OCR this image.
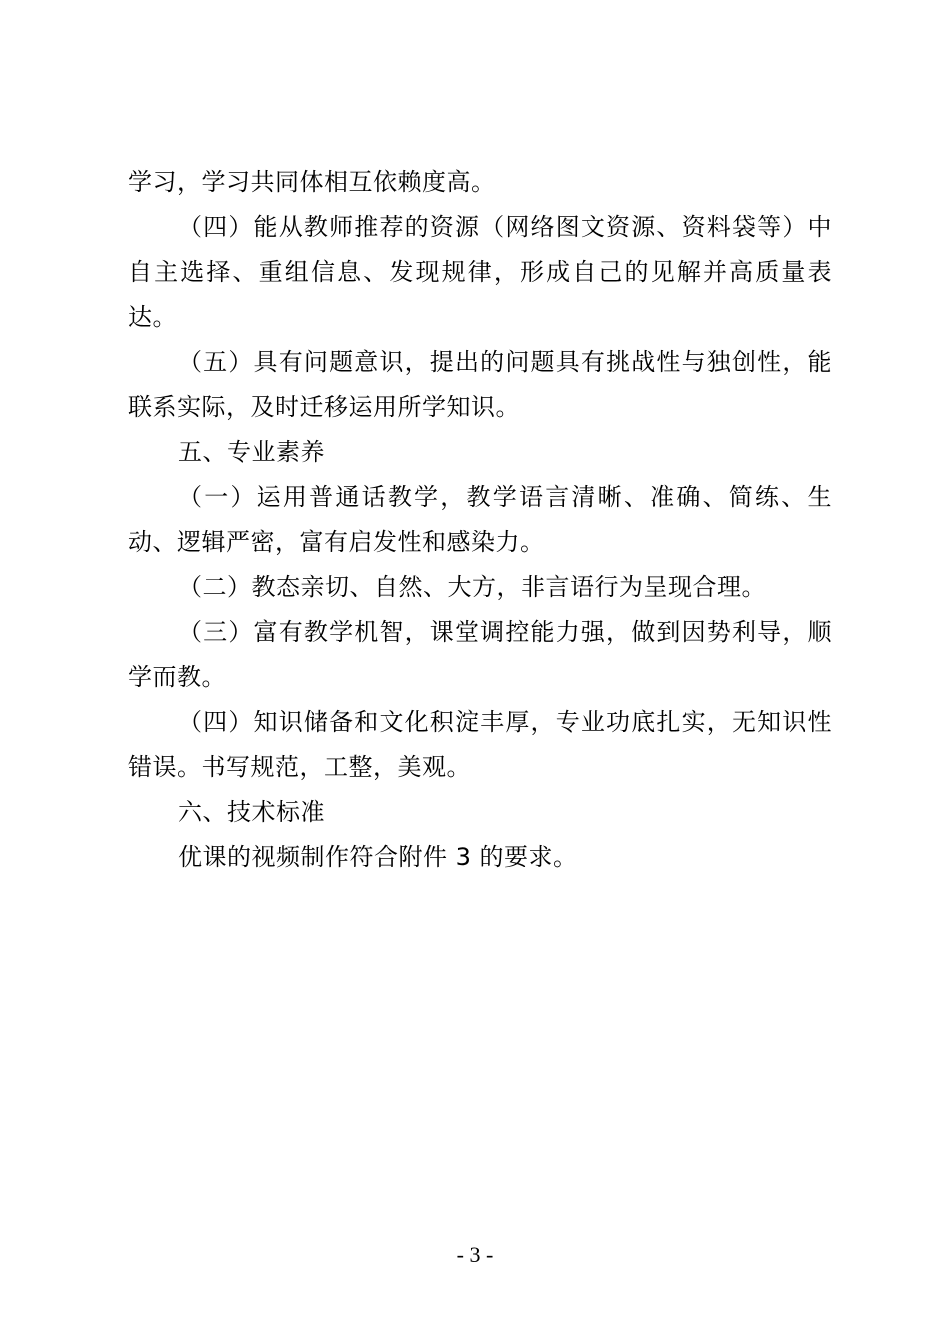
学习，学习共同体相互依赖度高。

（四）能从教师推荐的资源（网络图文资源、资料袋等）中自主选择、重组信息、发现规律，形成自己的见解并高质量表达。

（五）具有问题意识，提出的问题具有挑战性与独创性，能联系实际，及时迁移运用所学知识。

五、专业素养

（一）运用普通话教学，教学语言清晰、准确、简练、生动、逻辑严密，富有启发性和感染力。

（二）教态亲切、自然、大方，非言语行为呈现合理。

（三）富有教学机智，课堂调控能力强，做到因势利导，顺学而教。

（四）知识储备和文化积淀丰厚，专业功底扎实，无知识性错误。书写规范，工整，美观。

六、技术标准

优课的视频制作符合附件 3 的要求。

- 3 -
